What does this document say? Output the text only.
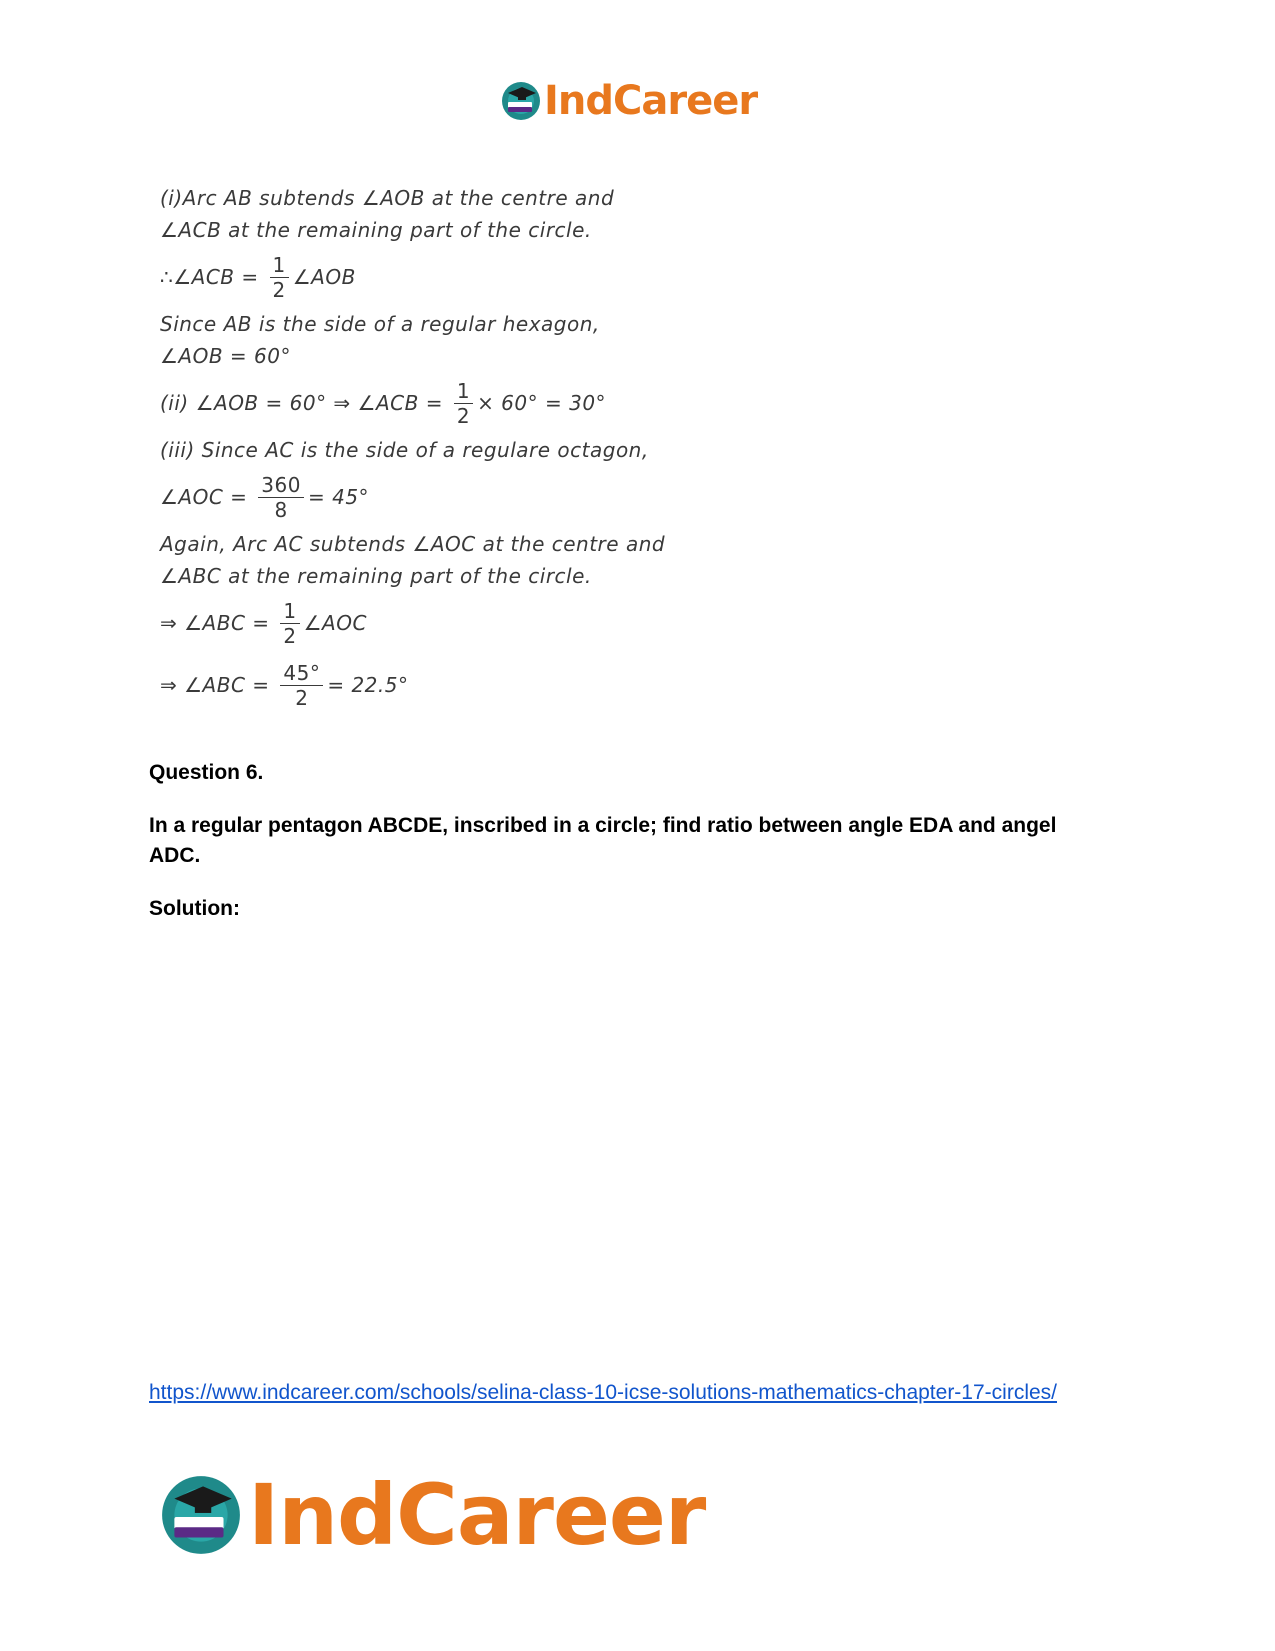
IndCareer
(i)Arc AB subtends ∠AOB at the centre and
∠ACB at the remaining part of the circle.
∴∠ACB = $\frac{1}{2}$ ∠AOB
Since AB is the side of a regular hexagon,
∠AOB = 60°
(ii) ∠AOB = 60° ⇒ ∠ACB = $\frac{1}{2} \times 60^\circ = 30^\circ$
(iii) Since AC is the side of a regulare octagon,
∠AOC = $\frac{360}{8} = 45^\circ$
Again, Arc AC subtends ∠AOC at the centre and
∠ABC at the remaining part of the circle.
⇒ ∠ABC = $\frac{1}{2}$ ∠AOC
⇒ ∠ABC = $\frac{45^\circ}{2} = 22.5^\circ$
Question 6.
In a regular pentagon ABCDE, inscribed in a circle; find ratio between angle EDA and angel ADC.
Solution:
https://www.indcareer.com/schools/selina-class-10-icse-solutions-mathematics-chapter-17-circles/
IndCareer
